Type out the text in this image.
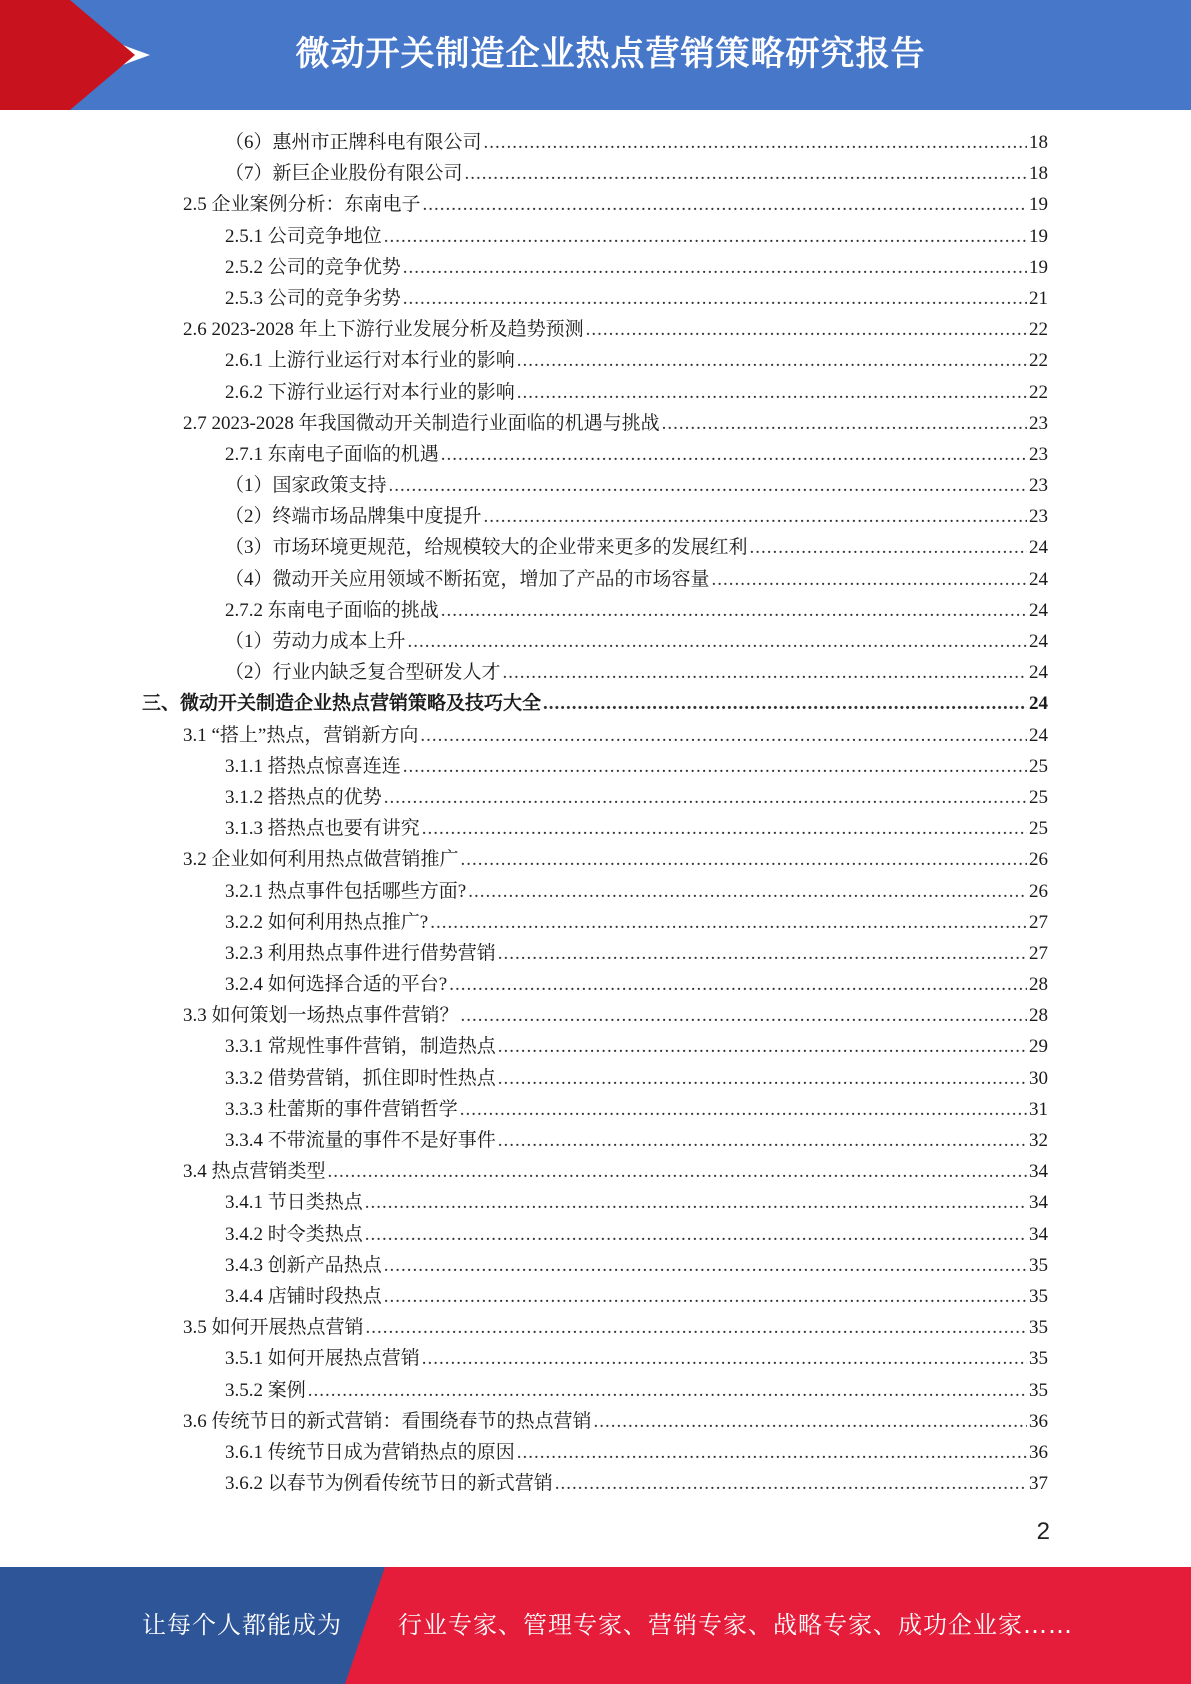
微动开关制造企业热点营销策略研究报告
（6）惠州市正牌科电有限公司 .....	18
（7）新巨企业股份有限公司 .....	18
2.5 企业案例分析：东南电子 .....	19
2.5.1 公司竞争地位 .....	19
2.5.2 公司的竞争优势 .....	19
2.5.3 公司的竞争劣势 .....	21
2.6 2023-2028 年上下游行业发展分析及趋势预测 .....	22
2.6.1 上游行业运行对本行业的影响 .....	22
2.6.2 下游行业运行对本行业的影响 .....	22
2.7 2023-2028 年我国微动开关制造行业面临的机遇与挑战 .....	23
2.7.1 东南电子面临的机遇 .....	23
（1）国家政策支持 .....	23
（2）终端市场品牌集中度提升 .....	23
（3）市场环境更规范，给规模较大的企业带来更多的发展红利 .....	24
（4）微动开关应用领域不断拓宽，增加了产品的市场容量 .....	24
2.7.2 东南电子面临的挑战 .....	24
（1）劳动力成本上升 .....	24
（2）行业内缺乏复合型研发人才 .....	24
三、微动开关制造企业热点营销策略及技巧大全 .....	24
3.1 “搭上”热点，营销新方向 .....	24
3.1.1 搭热点惊喜连连 .....	25
3.1.2 搭热点的优势 .....	25
3.1.3 搭热点也要有讲究 .....	25
3.2 企业如何利用热点做营销推广 .....	26
3.2.1 热点事件包括哪些方面? .....	26
3.2.2 如何利用热点推广? .....	27
3.2.3 利用热点事件进行借势营销 .....	27
3.2.4 如何选择合适的平台? .....	28
3.3 如何策划一场热点事件营销？ .....	28
3.3.1 常规性事件营销，制造热点 .....	29
3.3.2 借势营销，抓住即时性热点 .....	30
3.3.3 杜蕾斯的事件营销哲学 .....	31
3.3.4 不带流量的事件不是好事件 .....	32
3.4 热点营销类型 .....	34
3.4.1 节日类热点 .....	34
3.4.2 时令类热点 .....	34
3.4.3 创新产品热点 .....	35
3.4.4 店铺时段热点 .....	35
3.5 如何开展热点营销 .....	35
3.5.1 如何开展热点营销 .....	35
3.5.2 案例 .....	35
3.6 传统节日的新式营销：看围绕春节的热点营销 .....	36
3.6.1 传统节日成为营销热点的原因 .....	36
3.6.2 以春节为例看传统节日的新式营销 .....	37
2
让每个人都能成为 行业专家、管理专家、营销专家、战略专家、成功企业家……
